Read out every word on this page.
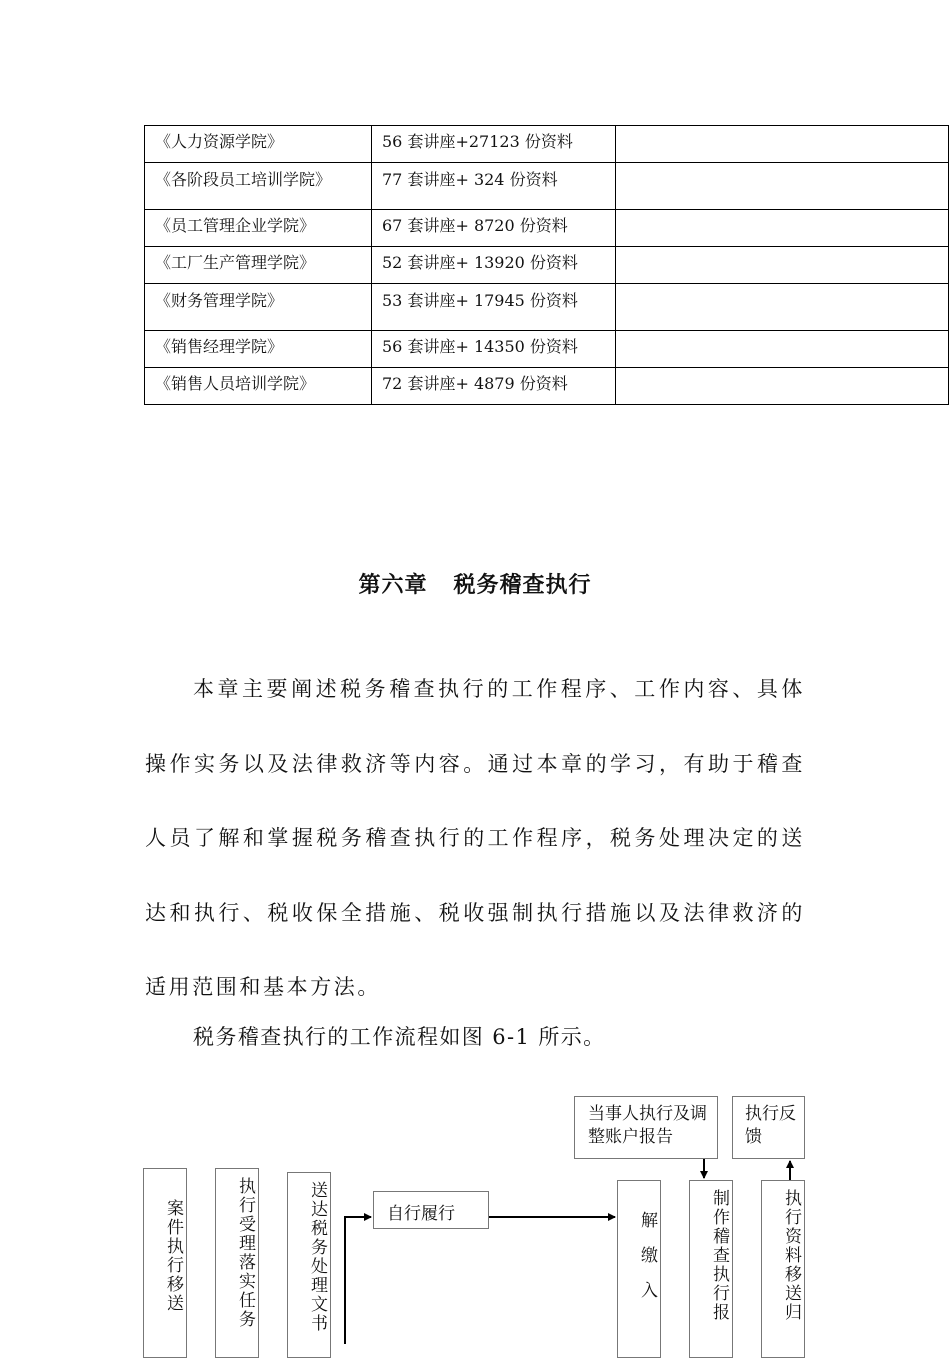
《人力资源学院》	56 套讲座+27123 份资料	

《各阶段员工培训学院》	77 套讲座+ 324 份资料	

《员工管理企业学院》	67 套讲座+ 8720 份资料	

《工厂生产管理学院》	52 套讲座+ 13920 份资料	

《财务管理学院》	53 套讲座+ 17945 份资料	

《销售经理学院》	56 套讲座+ 14350 份资料	

《销售人员培训学院》	72 套讲座+ 4879 份资料	

第六章 税务稽查执行

本章主要阐述税务稽查执行的工作程序、工作内容、具体操作实务以及法律救济等内容。通过本章的学习，有助于稽查人员了解和掌握税务稽查执行的工作程序，税务处理决定的送达和执行、税收保全措施、税收强制执行措施以及法律救济的适用范围和基本方法。

税务稽查执行的工作流程如图 6-1 所示。

案件执行移送	执行受理落实任务	送达税务处理文书	自行履行	解缴入	制作稽查执行报
当事人执行及调整账户报告
执行反馈
执行资料移送归
